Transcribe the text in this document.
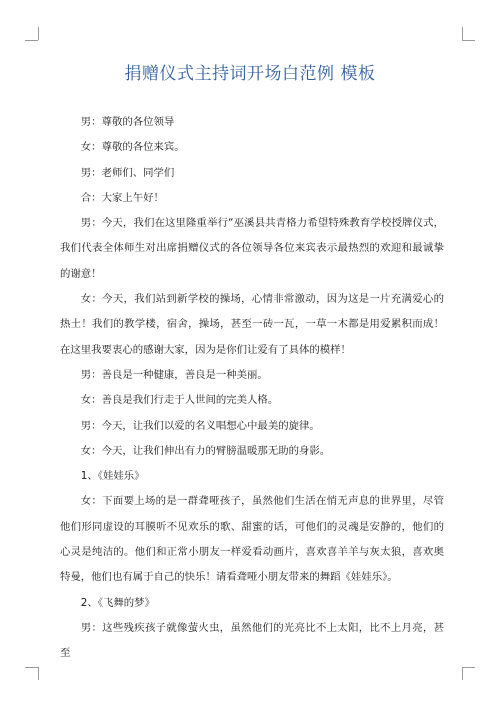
捐赠仪式主持词开场白范例 模板

男：尊敬的各位领导

女：尊敬的各位来宾。

男：老师们、同学们

合：大家上午好！

男：今天，我们在这里隆重举行“巫溪县共青格力希望特殊教育学校授牌仪式，我们代表全体师生对出席捐赠仪式的各位领导各位来宾表示最热烈的欢迎和最诚挚的谢意！

女：今天，我们站到新学校的操场，心情非常激动，因为这是一片充满爱心的热土！我们的教学楼，宿舍，操场，甚至一砖一瓦，一草一木都是用爱累积而成！在这里我要衷心的感谢大家，因为是你们让爱有了具体的模样！

男：善良是一种健康，善良是一种美丽。

女：善良是我们行走于人世间的完美人格。

男：今天，让我们以爱的名义唱想心中最美的旋律。

女：今天，让我们伸出有力的臂膀温暖那无助的身影。

1、《娃娃乐》

女：下面要上场的是一群聋哑孩子，虽然他们生活在悄无声息的世界里，尽管他们形同虚设的耳膜听不见欢乐的歌、甜蜜的话，可他们的灵魂是安静的，他们的心灵是纯洁的。他们和正常小朋友一样爱看动画片，喜欢喜羊羊与灰太狼，喜欢奥特曼，他们也有属于自己的快乐！请看聋哑小朋友带来的舞蹈《娃娃乐》。

2、《飞舞的梦》

男：这些残疾孩子就像萤火虫，虽然他们的光亮比不上太阳，比不上月亮，甚至
